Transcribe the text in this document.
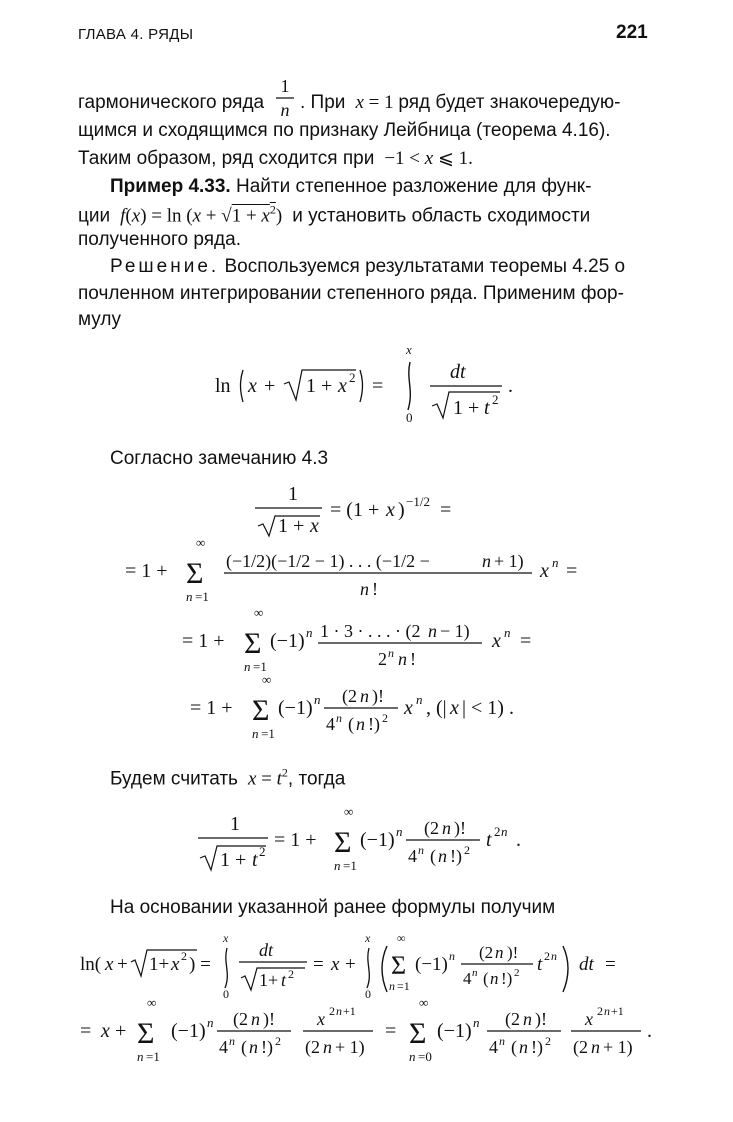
ГЛАВА 4. РЯДЫ	221
гармонического ряда
1
n . При  x = 1 ряд будет знакочередую-
щимся и сходящимся по признаку Лейбница (теорема 4.16).
Таким образом, ряд сходится при  −1 < x ⩽ 1.
Пример 4.33. Найти степенное разложение для функ-
ции  $f(x) = \ln (x + √1 + \overline{x}^2)$  и установить область сходимости
полученного ряда.
Решение. Воспользуемся результатами теоремы 4.25 о
почленном интегрировании степенного ряда. Применим фор-
мулу
ln x + 1 + x 2 =
x
0
dt
1 + t 2
.
Согласно замечанию 4.3
1
1 + x
= (1 + x ) −1/2 =
= 1 +
∞
Σ
n =1
(−1/2)(−1/2 − 1) . . . (−1/2 −	n + 1)
n !
x n =
= 1 +
∞
Σ
n =1
(−1) n 1 · 3 · . . . · (2 n − 1)
2 n n !
x n =
= 1 +
∞
Σ
n =1
(−1) n (2 n )!
4 n ( n !) 2 x n , (| x | < 1) .
Будем считать  $x = t^2$, тогда
1
1 + t 2
= 1 +
∞
Σ
n =1
(−1) n (2 n )!
4 n ( n !) 2 t 2 n .
На основании указанной ранее формулы получим
ln( x + 1+ x 2 ) =
x
0
dt
1+ t 2 = x +
x
0
∞
Σ
n =1
(−1) n (2 n )!
4 n ( n !) 2 t 2 n dt =
= x +
∞
Σ
n =1
(−1) n (2 n )!
4 n ( n !) 2
x 2 n +1
(2 n + 1)
=
∞
Σ
n =0
(−1) n (2 n )!
4 n ( n !) 2
x 2 n +1
(2 n + 1)
.
